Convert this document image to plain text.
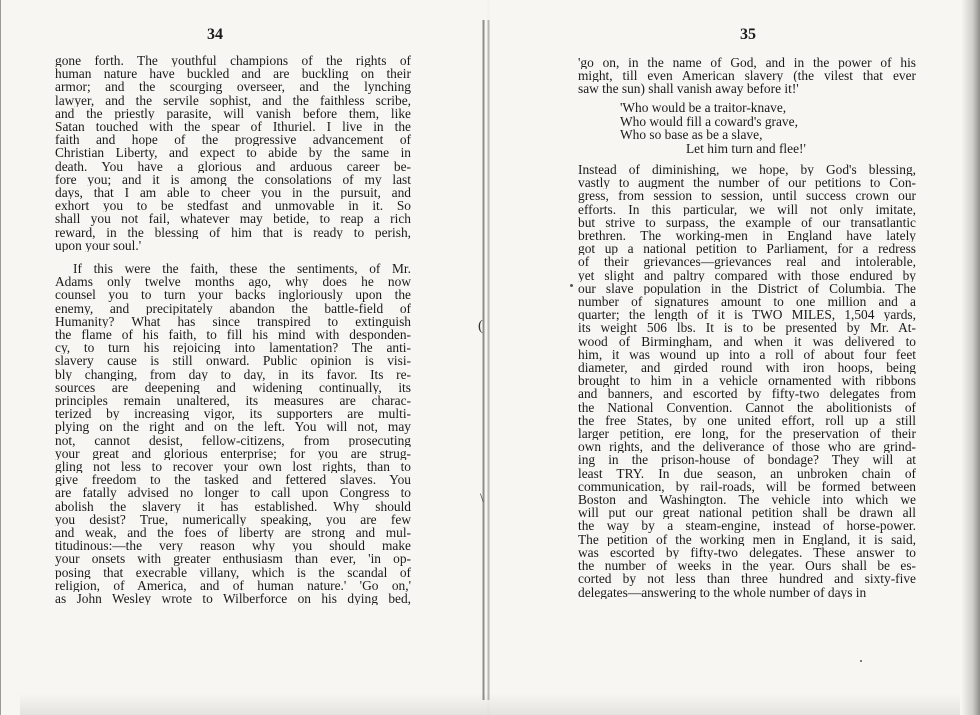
34
gone forth. The youthful champions of the rights of
human nature have buckled and are buckling on their
armor; and the scourging overseer, and the lynching
lawyer, and the servile sophist, and the faithless scribe,
and the priestly parasite, will vanish before them, like
Satan touched with the spear of Ithuriel. I live in the
faith and hope of the progressive advancement of
Christian Liberty, and expect to abide by the same in
death. You have a glorious and arduous career be-
fore you; and it is among the consolations of my last
days, that I am able to cheer you in the pursuit, and
exhort you to be stedfast and unmovable in it. So
shall you not fail, whatever may betide, to reap a rich
reward, in the blessing of him that is ready to perish,
upon your soul.'
If this were the faith, these the sentiments, of Mr.
Adams only twelve months ago, why does he now
counsel you to turn your backs ingloriously upon the
enemy, and precipitately abandon the battle-field of
Humanity? What has since transpired to extinguish
the flame of his faith, to fill his mind with desponden-
cy, to turn his rejoicing into lamentation? The anti-
slavery cause is still onward. Public opinion is visi-
bly changing, from day to day, in its favor. Its re-
sources are deepening and widening continually, its
principles remain unaltered, its measures are charac-
terized by increasing vigor, its supporters are multi-
plying on the right and on the left. You will not, may
not, cannot desist, fellow-citizens, from prosecuting
your great and glorious enterprise; for you are strug-
gling not less to recover your own lost rights, than to
give freedom to the tasked and fettered slaves. You
are fatally advised no longer to call upon Congress to
abolish the slavery it has established. Why should
you desist? True, numerically speaking, you are few
and weak, and the foes of liberty are strong and mul-
titudinous:—the very reason why you should make
your onsets with greater enthusiasm than ever, 'in op-
posing that execrable villany, which is the scandal of
religion, of America, and of human nature.' 'Go on,'
as John Wesley wrote to Wilberforce on his dying bed,
(
\
35
'go on, in the name of God, and in the power of his
might, till even American slavery (the vilest that ever
saw the sun) shall vanish away before it!'
'Who would be a traitor-knave,
Who would fill a coward's grave,
Who so base as be a slave,
Let him turn and flee!'
Instead of diminishing, we hope, by God's blessing,
vastly to augment the number of our petitions to Con-
gress, from session to session, until success crown our
efforts. In this particular, we will not only imitate,
but strive to surpass, the example of our transatlantic
brethren. The working-men in England have lately
got up a national petition to Parliament, for a redress
of their grievances—grievances real and intolerable,
yet slight and paltry compared with those endured by
our slave population in the District of Columbia. The
number of signatures amount to one million and a
quarter; the length of it is TWO MILES, 1,504 yards,
its weight 506 lbs. It is to be presented by Mr. At-
wood of Birmingham, and when it was delivered to
him, it was wound up into a roll of about four feet
diameter, and girded round with iron hoops, being
brought to him in a vehicle ornamented with ribbons
and banners, and escorted by fifty-two delegates from
the National Convention. Cannot the abolitionists of
the free States, by one united effort, roll up a still
larger petition, ere long, for the preservation of their
own rights, and the deliverance of those who are grind-
ing in the prison-house of bondage? They will at
least TRY. In due season, an unbroken chain of
communication, by rail-roads, will be formed between
Boston and Washington. The vehicle into which we
will put our great national petition shall be drawn all
the way by a steam-engine, instead of horse-power.
The petition of the working men in England, it is said,
was escorted by fifty-two delegates. These answer to
the number of weeks in the year. Ours shall be es-
corted by not less than three hundred and sixty-five
delegates—answering to the whole number of days in
